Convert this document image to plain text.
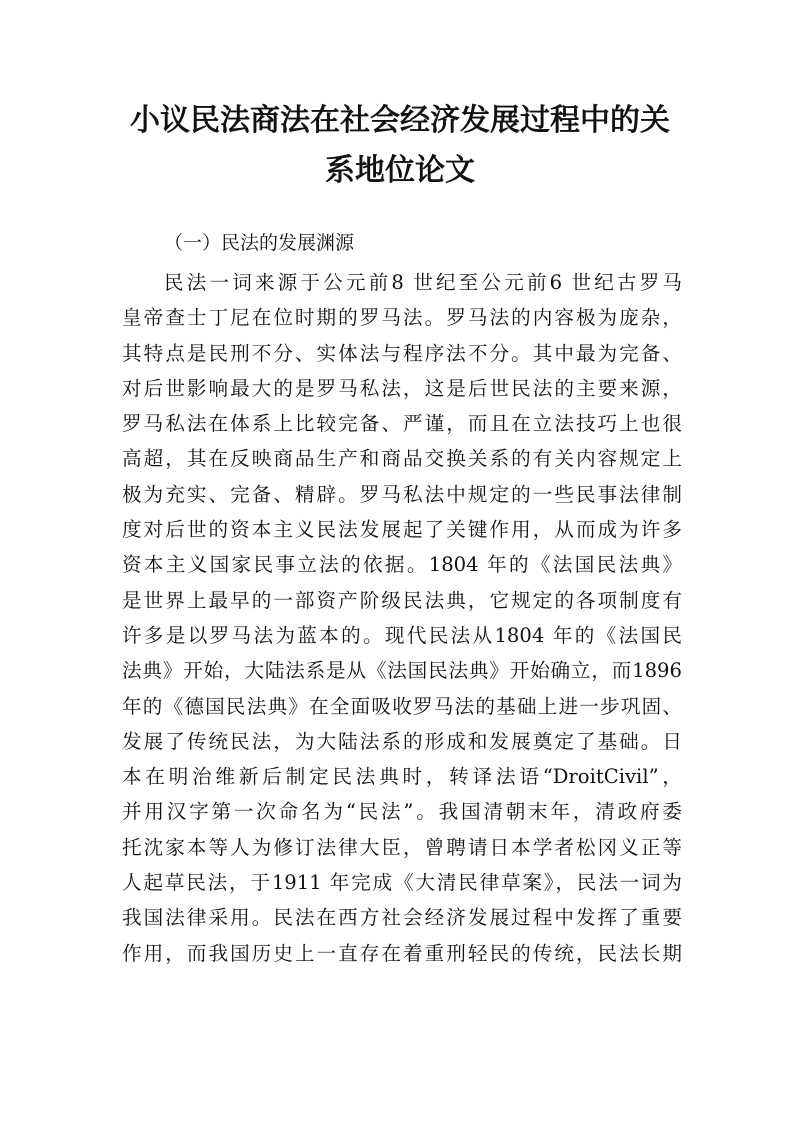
小议民法商法在社会经济发展过程中的关
系地位论文
（一）民法的发展渊源
民法一词来源于公元前8 世纪至公元前6 世纪古罗马
皇帝查士丁尼在位时期的罗马法。罗马法的内容极为庞杂，
其特点是民刑不分、实体法与程序法不分。其中最为完备、
对后世影响最大的是罗马私法，这是后世民法的主要来源，
罗马私法在体系上比较完备、严谨，而且在立法技巧上也很
高超，其在反映商品生产和商品交换关系的有关内容规定上
极为充实、完备、精辟。罗马私法中规定的一些民事法律制
度对后世的资本主义民法发展起了关键作用，从而成为许多
资本主义国家民事立法的依据。1804 年的《法国民法典》
是世界上最早的一部资产阶级民法典，它规定的各项制度有
许多是以罗马法为蓝本的。现代民法从1804 年的《法国民
法典》开始，大陆法系是从《法国民法典》开始确立，而1896
年的《德国民法典》在全面吸收罗马法的基础上进一步巩固、
发展了传统民法，为大陆法系的形成和发展奠定了基础。日
本在明治维新后制定民法典时，转译法语“DroitCivil”，
并用汉字第一次命名为“民法”。我国清朝末年，清政府委
托沈家本等人为修订法律大臣，曾聘请日本学者松冈义正等
人起草民法，于1911 年完成《大清民律草案》，民法一词为
我国法律采用。民法在西方社会经济发展过程中发挥了重要
作用，而我国历史上一直存在着重刑轻民的传统，民法长期
